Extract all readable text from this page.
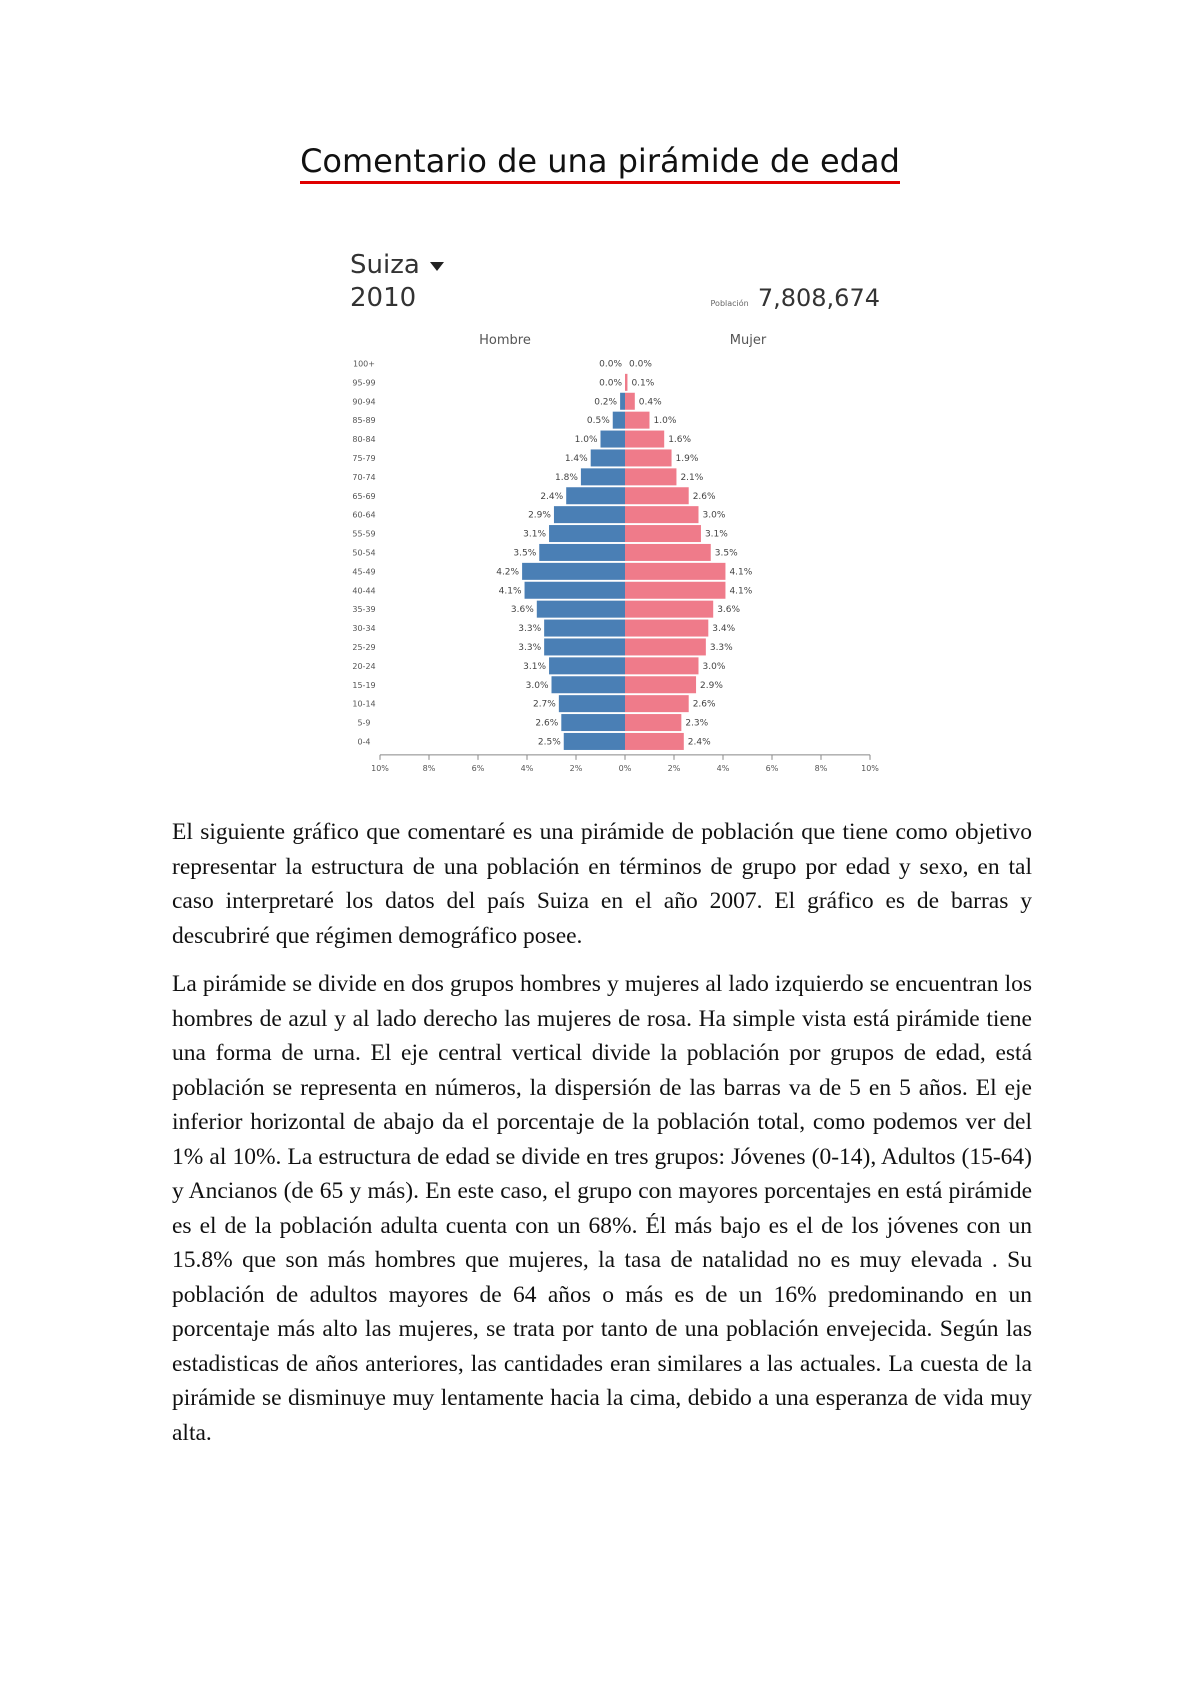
Comentario de una pirámide de edad
Suiza
2010	Población 7,808,674
Hombre	Mujer
2.5%	2.4%
0-4
2.6%	2.3%
5-9
2.7%	2.6%
10-14
3.0%	2.9%
15-19
3.1%	3.0%
20-24
3.3%	3.3%
25-29
3.3%	3.4%
30-34
3.6%	3.6%
35-39
4.1%	4.1%
40-44
4.2%	4.1%
45-49
3.5%	3.5%
50-54
3.1%	3.1%
55-59
2.9%	3.0%
60-64
2.4%	2.6%
65-69
1.8%	2.1%
70-74
1.4%	1.9%
75-79
1.0%	1.6%
80-84
0.5%	1.0%
85-89
0.2% 0.4%
90-94
0.0% 0.1%
95-99
0.0% 0.0%
100+
10%	8%	6%	4%	2%	0%	2%	4%	6%	8%	10%

El siguiente gráfico que comentaré es una pirámide de población que tiene como objetivo representar la estructura de una población en términos de grupo por edad y sexo, en tal caso interpretaré los datos del país Suiza en el año 2007. El gráfico es de barras y descubriré que régimen demográfico posee.

La pirámide se divide en dos grupos hombres y mujeres al lado izquierdo se encuentran los hombres de azul y al lado derecho las mujeres de rosa. Ha simple vista está pirámide tiene una forma de urna. El eje central vertical divide la población por grupos de edad, está población se representa en números, la dispersión de las barras va de 5 en 5 años. El eje inferior horizontal de abajo da el porcentaje de la población total, como podemos ver del 1% al 10%. La estructura de edad se divide en tres grupos: Jóvenes (0-14), Adultos (15-64) y Ancianos (de 65 y más). En este caso, el grupo con mayores porcentajes en está pirámide es el de la población adulta cuenta con un 68%. Él más bajo es el de los jóvenes con un 15.8% que son más hombres que mujeres, la tasa de natalidad no es muy elevada . Su población de adultos mayores de 64 años o más es de un 16% predominando en un porcentaje más alto las mujeres, se trata por tanto de una población envejecida. Según las estadisticas de años anteriores, las cantidades eran similares a las actuales. La cuesta de la pirámide se disminuye muy lentamente hacia la cima, debido a una esperanza de vida muy alta.
